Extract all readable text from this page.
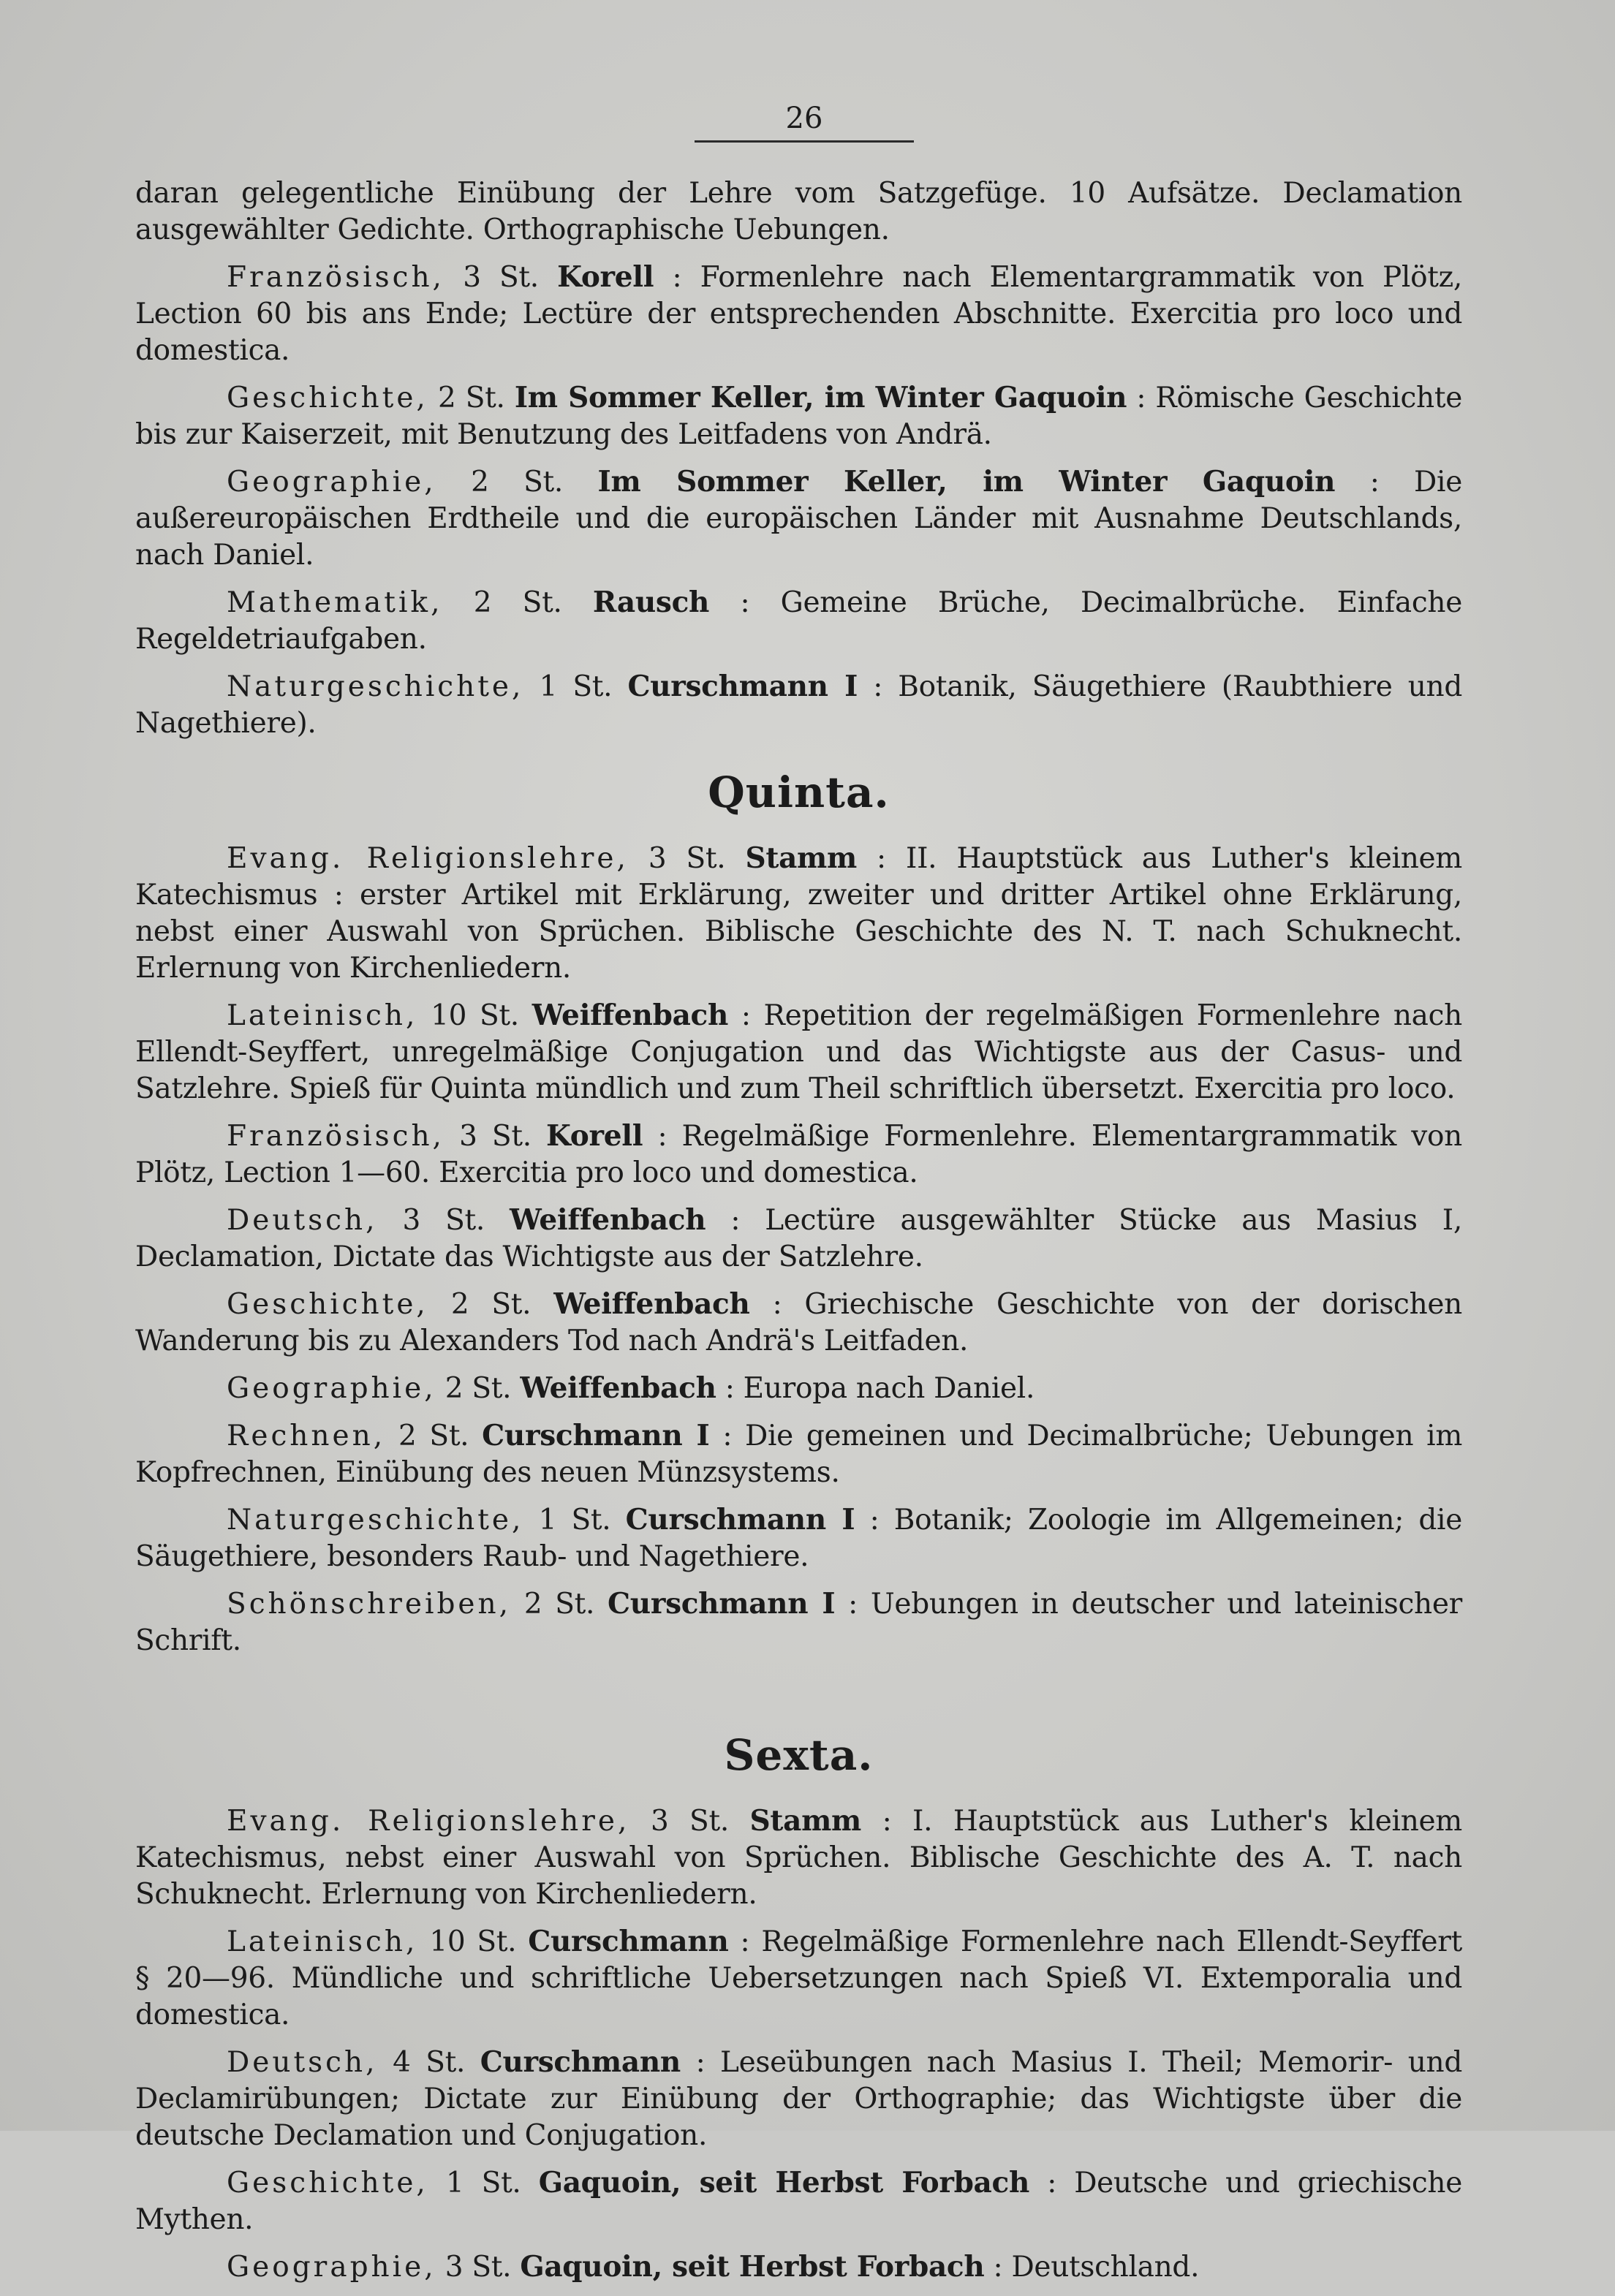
26

daran gelegentliche Einübung der Lehre vom Satzgefüge. 10 Aufsätze. Declamation ausgewählter Gedichte. Orthographische Uebungen.

Französisch, 3 St. Korell : Formenlehre nach Elementargrammatik von Plötz, Lection 60 bis ans Ende; Lectüre der entsprechenden Abschnitte. Exercitia pro loco und domestica.

Geschichte, 2 St. Im Sommer Keller, im Winter Gaquoin : Römische Geschichte bis zur Kaiserzeit, mit Benutzung des Leitfadens von Andrä.

Geographie, 2 St. Im Sommer Keller, im Winter Gaquoin : Die außereuropäischen Erdtheile und die europäischen Länder mit Ausnahme Deutschlands, nach Daniel.

Mathematik, 2 St. Rausch : Gemeine Brüche, Decimalbrüche. Einfache Regeldetriaufgaben.

Naturgeschichte, 1 St. Curschmann I : Botanik, Säugethiere (Raubthiere und Nagethiere).

Quinta.

Evang. Religionslehre, 3 St. Stamm : II. Hauptstück aus Luther's kleinem Katechismus : erster Artikel mit Erklärung, zweiter und dritter Artikel ohne Erklärung, nebst einer Auswahl von Sprüchen. Biblische Geschichte des N. T. nach Schuknecht. Erlernung von Kirchenliedern.

Lateinisch, 10 St. Weiffenbach : Repetition der regelmäßigen Formenlehre nach Ellendt-Seyffert, unregelmäßige Conjugation und das Wichtigste aus der Casus- und Satzlehre. Spieß für Quinta mündlich und zum Theil schriftlich übersetzt. Exercitia pro loco.

Französisch, 3 St. Korell : Regelmäßige Formenlehre. Elementargrammatik von Plötz, Lection 1—60. Exercitia pro loco und domestica.

Deutsch, 3 St. Weiffenbach : Lectüre ausgewählter Stücke aus Masius I, Declamation, Dictate das Wichtigste aus der Satzlehre.

Geschichte, 2 St. Weiffenbach : Griechische Geschichte von der dorischen Wanderung bis zu Alexanders Tod nach Andrä's Leitfaden.

Geographie, 2 St. Weiffenbach : Europa nach Daniel.

Rechnen, 2 St. Curschmann I : Die gemeinen und Decimalbrüche; Uebungen im Kopfrechnen, Einübung des neuen Münzsystems.

Naturgeschichte, 1 St. Curschmann I : Botanik; Zoologie im Allgemeinen; die Säugethiere, besonders Raub- und Nagethiere.

Schönschreiben, 2 St. Curschmann I : Uebungen in deutscher und lateinischer Schrift.

Sexta.

Evang. Religionslehre, 3 St. Stamm : I. Hauptstück aus Luther's kleinem Katechismus, nebst einer Auswahl von Sprüchen. Biblische Geschichte des A. T. nach Schuknecht. Erlernung von Kirchenliedern.

Lateinisch, 10 St. Curschmann : Regelmäßige Formenlehre nach Ellendt-Seyffert § 20—96. Mündliche und schriftliche Uebersetzungen nach Spieß VI. Extemporalia und domestica.

Deutsch, 4 St. Curschmann : Leseübungen nach Masius I. Theil; Memorir- und Declamirübungen; Dictate zur Einübung der Orthographie; das Wichtigste über die deutsche Declamation und Conjugation.

Geschichte, 1 St. Gaquoin, seit Herbst Forbach : Deutsche und griechische Mythen.

Geographie, 3 St. Gaquoin, seit Herbst Forbach : Deutschland.
